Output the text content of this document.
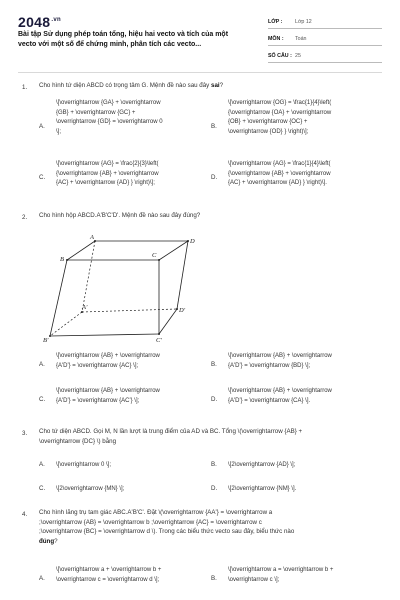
$2048^{.vn}$
Bài tập Sử dụng phép toán tổng, hiệu hai vecto và tích của một vecto với một số để chứng minh, phân tích các vecto...
LỚP :	Lớp 12
MÔN :	Toán
SỐ CÂU : 25
1. Cho hình tứ diện ABCD có trọng tâm G. Mệnh đề nào sau đây sai?
A.
\[\overrightarrow {GA} + \overrightarrow
{GB} + \overrightarrow {GC} +
\overrightarrow {GD} = \overrightarrow 0
\];
B.
\[\overrightarrow {OG} = \frac{1}{4}\left(
{\overrightarrow {OA} + \overrightarrow
{OB} + \overrightarrow {OC} +
\overrightarrow {OD} } \right)\];
C.
\[\overrightarrow {AG} = \frac{2}{3}\left(
{\overrightarrow {AB} + \overrightarrow
{AC} + \overrightarrow {AD} } \right)\];
D.
\[\overrightarrow {AG} = \frac{1}{4}\left(
{\overrightarrow {AB} + \overrightarrow
{AC} + \overrightarrow {AD} } \right)\].
2. Cho hình hộp ABCD.A'B'C'D'. Mệnh đề nào sau đây đúng?
A
B
C
D
A'
B'	C'
D'
A.
\[\overrightarrow {AB} + \overrightarrow
{A'D'} = \overrightarrow {AC} \];	B.
\[\overrightarrow {AB} + \overrightarrow
{A'D'} = \overrightarrow {BD} \];
C.
\[\overrightarrow {AB} + \overrightarrow
{A'D'} = \overrightarrow {AC'} \];	D.
\[\overrightarrow {AB} + \overrightarrow
{A'D'} = \overrightarrow {CA} \].
3. Cho tứ diện ABCD. Gọi M, N lần lượt là trung điểm của AD và BC. Tổng \(\overrightarrow {AB} +
\overrightarrow {DC} \) bằng
A. \[\overrightarrow 0 \];	B. \[2\overrightarrow {AD} \];
C. \[2\overrightarrow {MN} \];	D. \[2\overrightarrow {NM} \].
4. Cho hình lăng trụ tam giác ABC.A'B'C'. Đặt \(\overrightarrow {AA'} = \overrightarrow a
;\overrightarrow {AB} = \overrightarrow b ;\overrightarrow {AC} = \overrightarrow c
;\overrightarrow {BC} = \overrightarrow d \). Trong các biểu thức vecto sau đây, biểu thức nào
đúng?
A.
\[\overrightarrow a + \overrightarrow b +
\overrightarrow c = \overrightarrow d \];	B.
\[\overrightarrow a = \overrightarrow b +
\overrightarrow c \];
